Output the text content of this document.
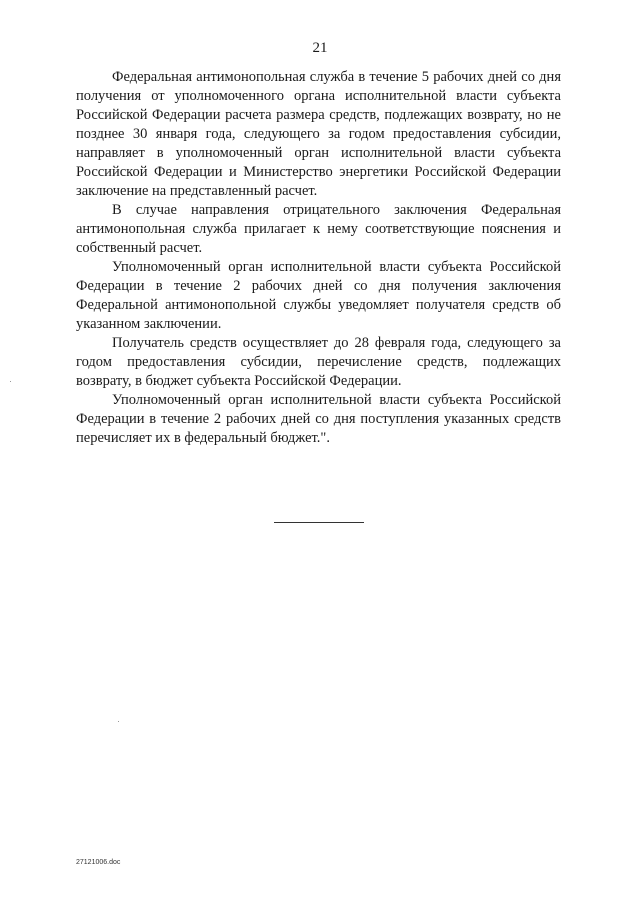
21

Федеральная антимонопольная служба в течение 5 рабочих дней со дня получения от уполномоченного органа исполнительной власти субъекта Российской Федерации расчета размера средств, подлежащих возврату, но не позднее 30 января года, следующего за годом предоставления субсидии, направляет в уполномоченный орган исполнительной власти субъекта Российской Федерации и Министерство энергетики Российской Федерации заключение на представленный расчет.

В случае направления отрицательного заключения Федеральная антимонопольная служба прилагает к нему соответствующие пояснения и собственный расчет.

Уполномоченный орган исполнительной власти субъекта Российской Федерации в течение 2 рабочих дней со дня получения заключения Федеральной антимонопольной службы уведомляет получателя средств об указанном заключении.

Получатель средств осуществляет до 28 февраля года, следующего за годом предоставления субсидии, перечисление средств, подлежащих возврату, в бюджет субъекта Российской Федерации.

Уполномоченный орган исполнительной власти субъекта Российской Федерации в течение 2 рабочих дней со дня поступления указанных средств перечисляет их в федеральный бюджет.".

27121006.doc
